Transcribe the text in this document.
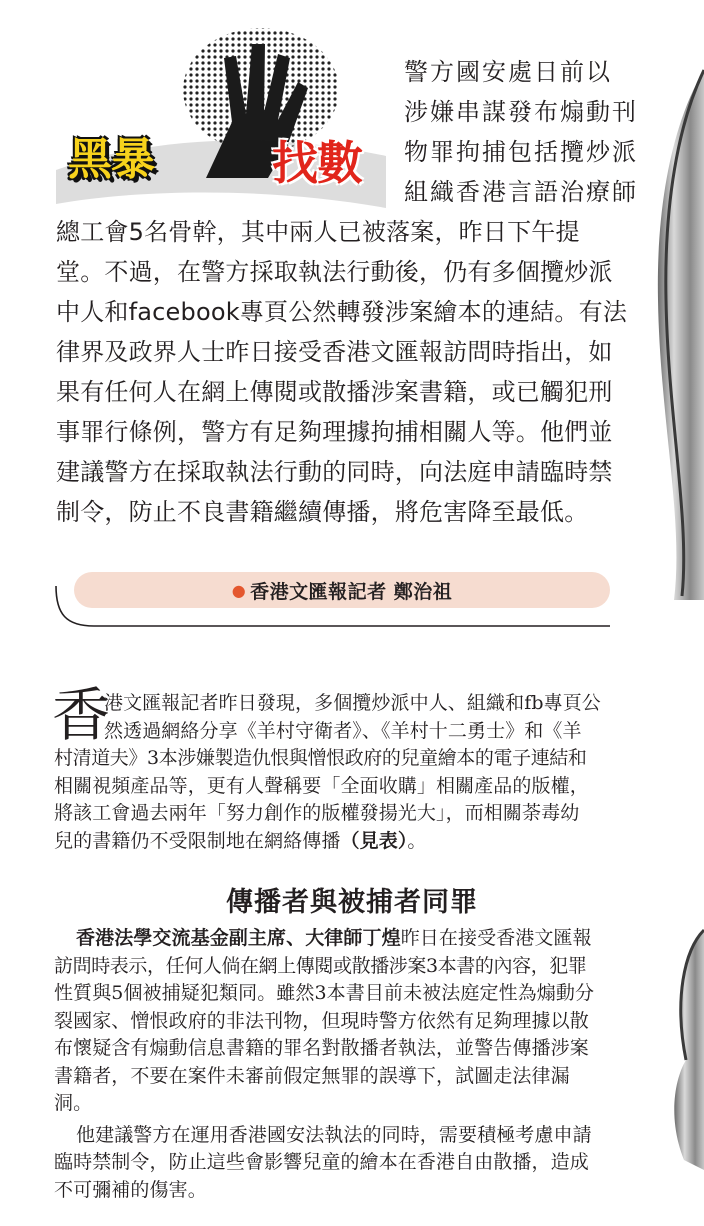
黑暴	找數
警方國安處日前以
涉嫌串謀發布煽動刊
物罪拘捕包括攬炒派
組織香港言語治療師
總工會5名骨幹，其中兩人已被落案，昨日下午提
堂。不過，在警方採取執法行動後，仍有多個攬炒派
中人和facebook專頁公然轉發涉案繪本的連結。有法
律界及政界人士昨日接受香港文匯報訪問時指出，如
果有任何人在網上傳閱或散播涉案書籍，或已觸犯刑
事罪行條例，警方有足夠理據拘捕相關人等。他們並
建議警方在採取執法行動的同時，向法庭申請臨時禁
制令，防止不良書籍繼續傳播，將危害降至最低。
● 香港文匯報記者 鄭治祖
香
港文匯報記者昨日發現，多個攬炒派中人、組織和fb專頁公
然透過網絡分享《羊村守衛者》、《羊村十二勇士》和《羊
村清道夫》3本涉嫌製造仇恨與憎恨政府的兒童繪本的電子連結和
相關視頻產品等，更有人聲稱要「全面收購」相關產品的版權，
將該工會過去兩年「努力創作的版權發揚光大」，而相關荼毒幼
兒的書籍仍不受限制地在網絡傳播（見表）。
傳播者與被捕者同罪
香港法學交流基金副主席、大律師丁煌昨日在接受香港文匯報
訪問時表示，任何人倘在網上傳閱或散播涉案3本書的內容，犯罪
性質與5個被捕疑犯類同。雖然3本書目前未被法庭定性為煽動分
裂國家、憎恨政府的非法刊物，但現時警方依然有足夠理據以散
布懷疑含有煽動信息書籍的罪名對散播者執法，並警告傳播涉案
書籍者，不要在案件未審前假定無罪的誤導下，試圖走法律漏
洞。
他建議警方在運用香港國安法執法的同時，需要積極考慮申請
臨時禁制令，防止這些會影響兒童的繪本在香港自由散播，造成
不可彌補的傷害。
